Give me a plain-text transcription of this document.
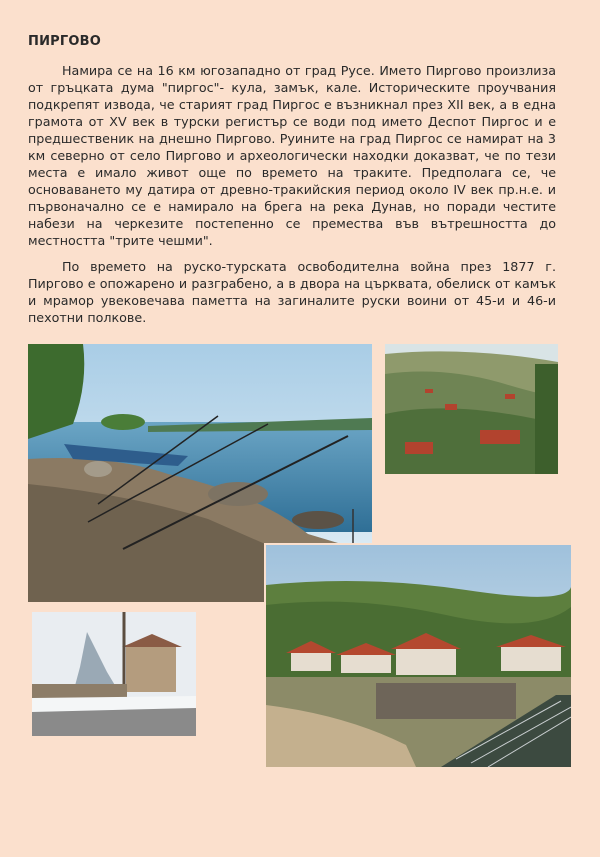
ПИРГОВО

Намира се на 16 км югозападно от град Русе. Името Пиргово произлиза от гръцката дума "пиргос"- кула, замък, кале. Историческите проучвания подкрепят извода, че старият град Пиргос е възникнал през XII век, а в една грамота от XV век в турски регистър се води под името Деспот Пиргос и е предшественик на днешно Пиргово. Руините на град Пиргос се намират на 3 км северно от село Пиргово и археологически находки доказват, че по тези места е имало живот още по времето на траките. Предполага се, че основаването му датира от древно-тракийския период около IV век пр.н.е. и първоначално се е намирало на брега на река Дунав, но поради честите набези на черкезите постепенно се премества във вътрешността до местността "трите чешми".

По времето на руско-турската освободителна война през 1877 г. Пиргово е опожарено и разграбено, а в двора на църквата, обелиск от камък и мрамор увековечава паметта на загиналите руски воини от 45-и и 46-и пехотни полкове.
